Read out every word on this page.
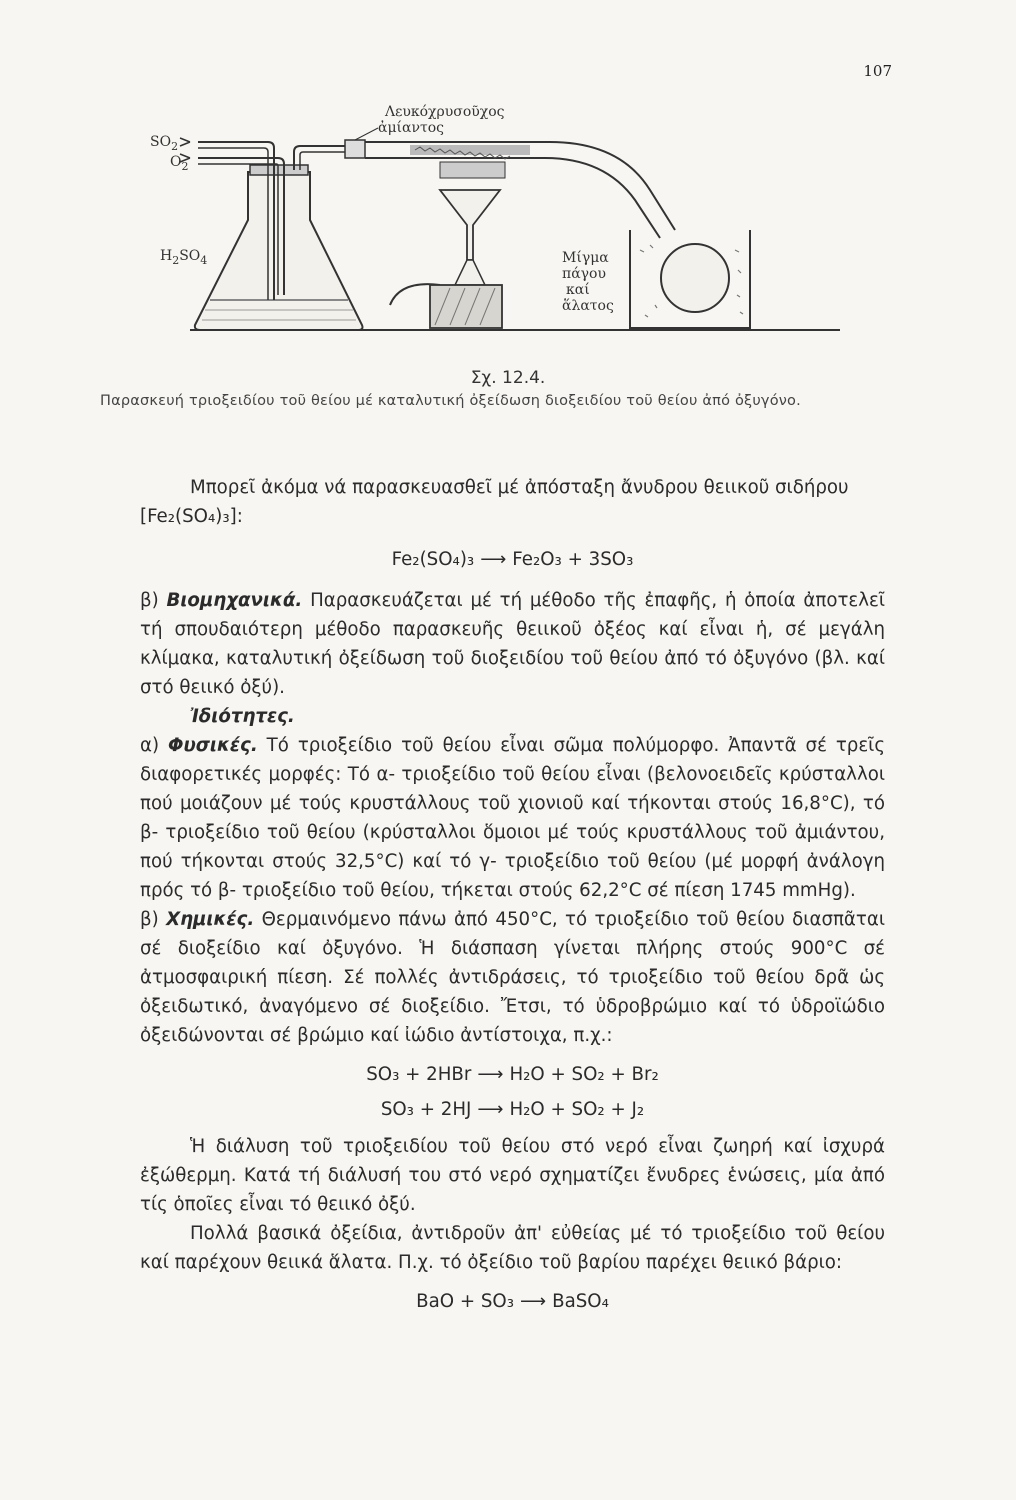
107
$SO_2$
$O_2$
$H_2SO_4$
Λευκόχρυσοῦχος
ἀμίαντος
Μίγμα
πάγου
καί
ἅλατος
Σχ. 12.4.
Παρασκευή τριοξειδίου τοῦ θείου μέ καταλυτική ὀξείδωση διοξειδίου τοῦ θείου ἀπό ὀξυγόνο.

Μπορεῖ ἀκόμα νά παρασκευασθεῖ μέ ἀπόσταξη ἄνυδρου θειικοῦ σιδήρου

[Fe₂(SO₄)₃]:

Fe₂(SO₄)₃ ⟶ Fe₂O₃ + 3SO₃

β) Βιομηχανικά. Παρασκευάζεται μέ τή μέθοδο τῆς ἐπαφῆς, ἡ ὁποία ἀποτελεῖ τή σπουδαιότερη μέθοδο παρασκευῆς θειικοῦ ὀξέος καί εἶναι ἡ, σέ μεγάλη κλίμακα, καταλυτική ὀξείδωση τοῦ διοξειδίου τοῦ θείου ἀπό τό ὀξυγόνο (βλ. καί στό θειικό ὀξύ).

Ἰδιότητες.

α) Φυσικές. Τό τριοξείδιο τοῦ θείου εἶναι σῶμα πολύμορφο. Ἀπαντᾶ σέ τρεῖς διαφορετικές μορφές: Τό α- τριοξείδιο τοῦ θείου εἶναι (βελονοειδεῖς κρύσταλλοι πού μοιάζουν μέ τούς κρυστάλλους τοῦ χιονιοῦ καί τήκονται στούς 16,8°C), τό β- τριοξείδιο τοῦ θείου (κρύσταλλοι ὅμοιοι μέ τούς κρυστάλλους τοῦ ἀμιάντου, πού τήκονται στούς 32,5°C) καί τό γ- τριοξείδιο τοῦ θείου (μέ μορφή ἀνάλογη πρός τό β- τριοξείδιο τοῦ θείου, τήκεται στούς 62,2°C σέ πίεση 1745 mmHg).

β) Χημικές. Θερμαινόμενο πάνω ἀπό 450°C, τό τριοξείδιο τοῦ θείου διασπᾶται σέ διοξείδιο καί ὀξυγόνο. Ἡ διάσπαση γίνεται πλήρης στούς 900°C σέ ἀτμοσφαιρική πίεση. Σέ πολλές ἀντιδράσεις, τό τριοξείδιο τοῦ θείου δρᾶ ὡς ὀξειδωτικό, ἀναγόμενο σέ διοξείδιο. Ἔτσι, τό ὑδροβρώμιο καί τό ὑδροϊώδιο ὀξειδώνονται σέ βρώμιο καί ἰώδιο ἀντίστοιχα, π.χ.:

SO₃ + 2HBr ⟶ H₂O + SO₂ + Br₂

SO₃ + 2HJ ⟶ H₂O + SO₂ + J₂

Ἡ διάλυση τοῦ τριοξειδίου τοῦ θείου στό νερό εἶναι ζωηρή καί ἰσχυρά ἐξώθερμη. Κατά τή διάλυσή του στό νερό σχηματίζει ἔνυδρες ἑνώσεις, μία ἀπό τίς ὁποῖες εἶναι τό θειικό ὀξύ.

Πολλά βασικά ὀξείδια, ἀντιδροῦν ἀπ' εὐθείας μέ τό τριοξείδιο τοῦ θείου καί παρέχουν θειικά ἅλατα. Π.χ. τό ὀξείδιο τοῦ βαρίου παρέχει θειικό βάριο:

BaO + SO₃ ⟶ BaSO₄
